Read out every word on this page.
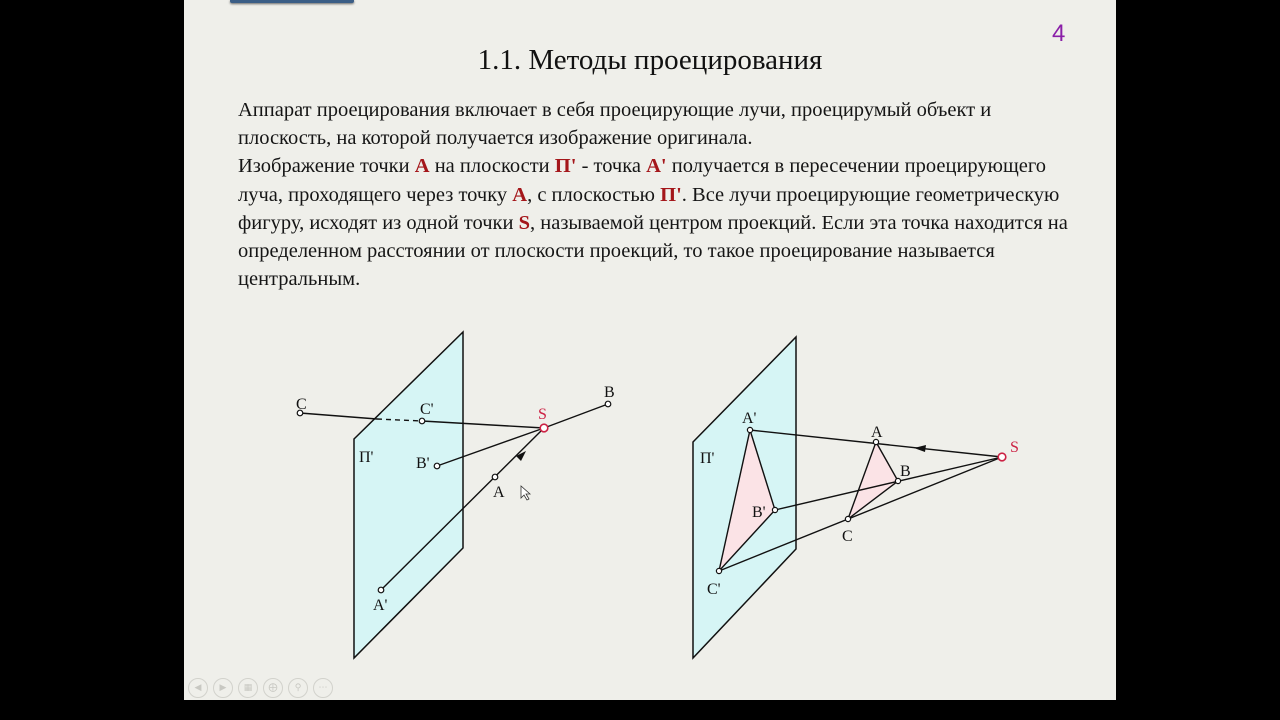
4
1.1. Методы проецирования

Аппарат проецирования включает в себя проецирующие лучи, проецирумый объект и плоскость, на которой получается изображение оригинала.

Изображение точки A на плоскости П' - точка A' получается в пересечении проецирующего луча, проходящего через точку A, с плоскостью П'. Все лучи проецирующие геометрическую фигуру, исходят из одной точки S, называемой центром проекций. Если эта точка находится на определенном расстоянии от плоскости проекций, то такое проецирование называется центральным.

П'
C	C'	S
B
B'
A
A'
П'
A'
A
S
B
B'
C
C'
◀	▶	▦	⨁	⚲	⋯
